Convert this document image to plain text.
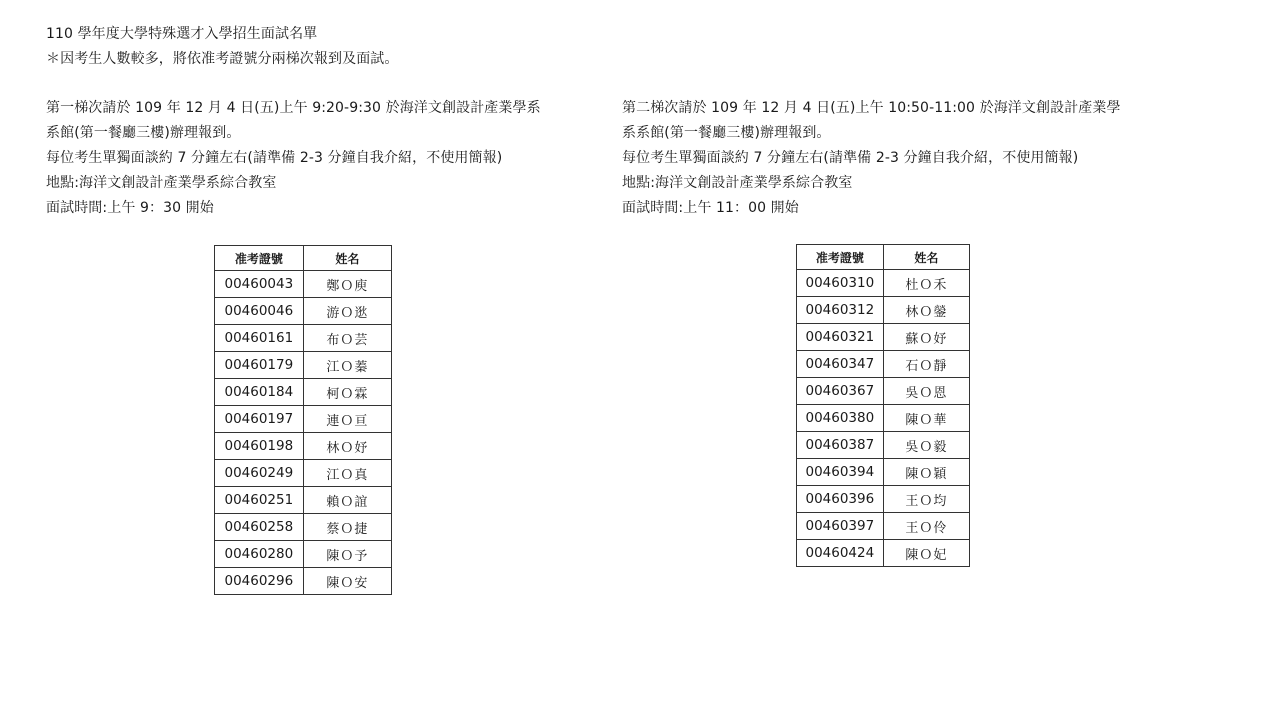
110 學年度大學特殊選才入學招生面試名單

＊因考生人數較多，將依准考證號分兩梯次報到及面試。

第一梯次請於 109 年 12 月 4 日(五)上午 9:20-9:30 於海洋文創設計產業學系

系館(第一餐廳三樓)辦理報到。

每位考生單獨面談約 7 分鐘左右(請準備 2-3 分鐘自我介紹，不使用簡報)

地點:海洋文創設計產業學系綜合教室

面試時間:上午 9：30 開始

第二梯次請於 109 年 12 月 4 日(五)上午 10:50-11:00 於海洋文創設計產業學

系系館(第一餐廳三樓)辦理報到。

每位考生單獨面談約 7 分鐘左右(請準備 2-3 分鐘自我介紹，不使用簡報)

地點:海洋文創設計產業學系綜合教室

面試時間:上午 11：00 開始

准考證號	姓名
00460043	鄭Ｏ庾
00460046	游Ｏ逖
00460161	布Ｏ芸
00460179	江Ｏ蓁
00460184	柯Ｏ霖
00460197	連Ｏ亘
00460198	林Ｏ妤
00460249	江Ｏ真
00460251	賴Ｏ誼
00460258	蔡Ｏ捷
00460280	陳Ｏ予
00460296	陳Ｏ安
准考證號	姓名
00460310	杜Ｏ禾
00460312	林Ｏ鎣
00460321	蘇Ｏ妤
00460347	石Ｏ靜
00460367	吳Ｏ恩
00460380	陳Ｏ華
00460387	吳Ｏ毅
00460394	陳Ｏ穎
00460396	王Ｏ均
00460397	王Ｏ伶
00460424	陳Ｏ妃
